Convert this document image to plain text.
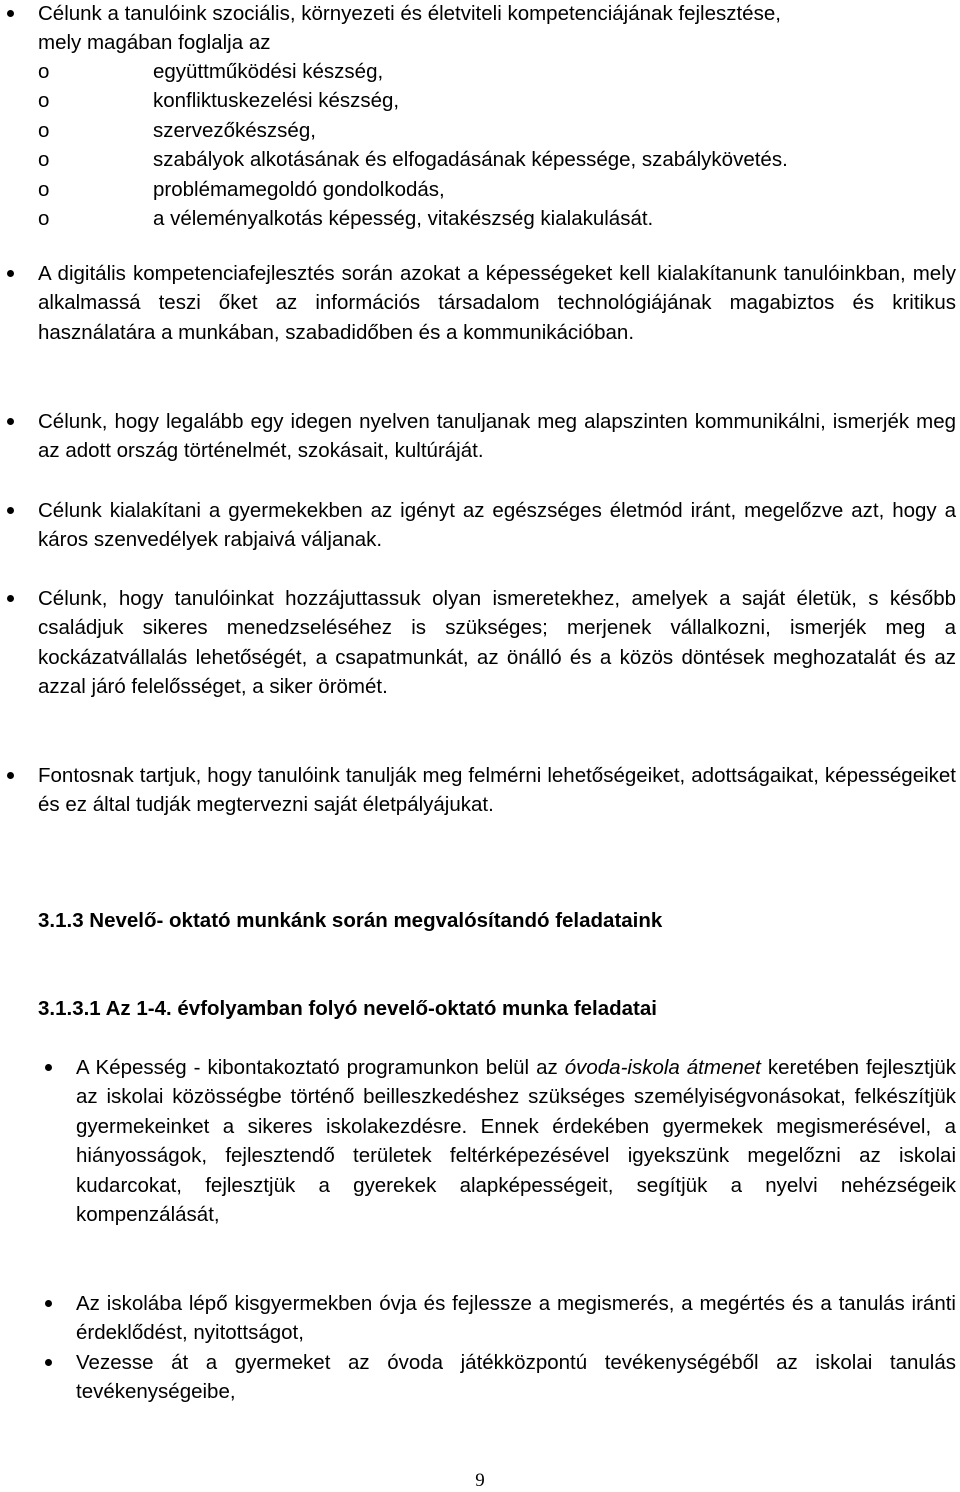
Célunk a tanulóink szociális, környezeti és életviteli kompetenciájának fejlesztése,
mely magában foglalja az
o	együttműködési készség,
o	konfliktuskezelési készség,
o	szervezőkészség,
o	szabályok alkotásának és elfogadásának képessége, szabálykövetés.
o	problémamegoldó gondolkodás,
o	a véleményalkotás képesség, vitakészség kialakulását.
A digitális kompetenciafejlesztés során azokat a képességeket kell kialakítanunk tanulóinkban, mely alkalmassá teszi őket az információs társadalom technológiájának magabiztos és kritikus használatára a munkában, szabadidőben és a kommunikációban.
Célunk, hogy legalább egy idegen nyelven tanuljanak meg alapszinten kommunikálni, ismerjék meg az adott ország történelmét, szokásait, kultúráját.
Célunk kialakítani a gyermekekben az igényt az egészséges életmód iránt, megelőzve azt, hogy a káros szenvedélyek rabjaivá váljanak.
Célunk, hogy tanulóinkat hozzájuttassuk olyan ismeretekhez, amelyek a saját életük, s később családjuk sikeres menedzseléséhez is szükséges; merjenek vállalkozni, ismerjék meg a kockázatvállalás lehetőségét, a csapatmunkát, az önálló és a közös döntések meghozatalát és az azzal járó felelősséget, a siker örömét.
Fontosnak tartjuk, hogy tanulóink tanulják meg felmérni lehetőségeiket, adottságaikat, képességeiket és ez által tudják megtervezni saját életpályájukat.
3.1.3 Nevelő- oktató munkánk során megvalósítandó feladataink
3.1.3.1 Az 1-4. évfolyamban folyó nevelő-oktató munka feladatai
A Képesség - kibontakoztató programunkon belül az óvoda-iskola átmenet keretében fejlesztjük az iskolai közösségbe történő beilleszkedéshez szükséges személyiségvonásokat, felkészítjük gyermekeinket a sikeres iskolakezdésre. Ennek érdekében gyermekek megismerésével, a hiányosságok, fejlesztendő területek feltérképezésével igyekszünk megelőzni az iskolai kudarcokat, fejlesztjük a gyerekek alapképességeit, segítjük a nyelvi nehézségeik kompenzálását,
Az iskolába lépő kisgyermekben óvja és fejlessze a megismerés, a megértés és a tanulás iránti érdeklődést, nyitottságot,
Vezesse át a gyermeket az óvoda játékközpontú tevékenységéből az iskolai tanulás tevékenységeibe,
9
